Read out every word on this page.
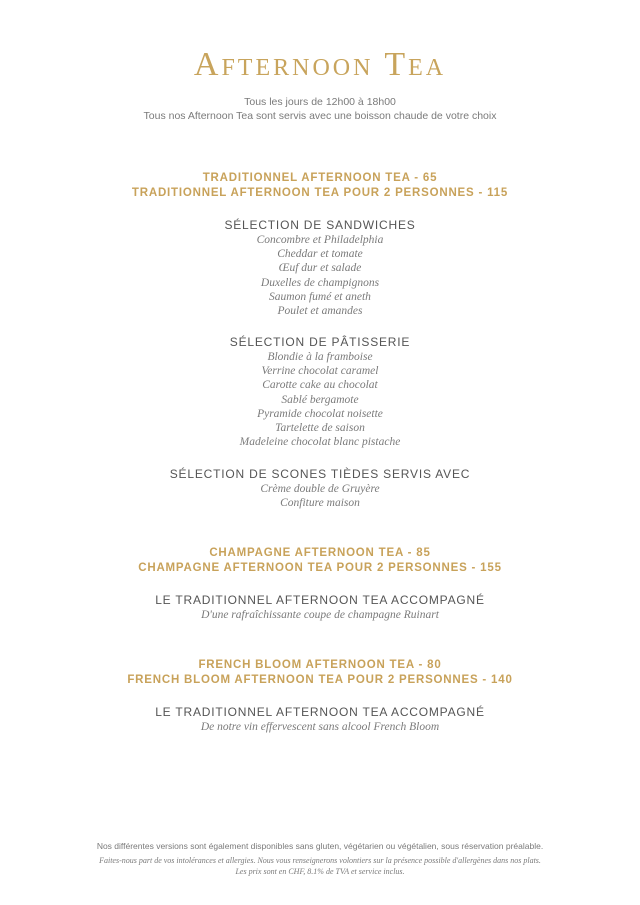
Afternoon Tea
Tous les jours de 12h00 à 18h00
Tous nos Afternoon Tea sont servis avec une boisson chaude de votre choix
TRADITIONNEL AFTERNOON TEA - 65
TRADITIONNEL AFTERNOON TEA POUR 2 PERSONNES - 115
SÉLECTION DE SANDWICHES
Concombre et Philadelphia
Cheddar et tomate
Œuf dur et salade
Duxelles de champignons
Saumon fumé et aneth
Poulet et amandes
SÉLECTION DE PÂTISSERIE
Blondie à la framboise
Verrine chocolat caramel
Carotte cake au chocolat
Sablé bergamote
Pyramide chocolat noisette
Tartelette de saison
Madeleine chocolat blanc pistache
SÉLECTION DE SCONES TIÈDES SERVIS AVEC
Crème double de Gruyère
Confiture maison
CHAMPAGNE AFTERNOON TEA - 85
CHAMPAGNE AFTERNOON TEA POUR 2 PERSONNES - 155
LE TRADITIONNEL AFTERNOON TEA ACCOMPAGNÉ
D'une rafraîchissante coupe de champagne Ruinart
FRENCH BLOOM AFTERNOON TEA - 80
FRENCH BLOOM AFTERNOON TEA POUR 2 PERSONNES - 140
LE TRADITIONNEL AFTERNOON TEA ACCOMPAGNÉ
De notre vin effervescent sans alcool French Bloom
Nos différentes versions sont également disponibles sans gluten, végétarien ou végétalien, sous réservation préalable.
Faites-nous part de vos intolérances et allergies. Nous vous renseignerons volontiers sur la présence possible d'allergènes dans nos plats.
Les prix sont en CHF, 8.1% de TVA et service inclus.
